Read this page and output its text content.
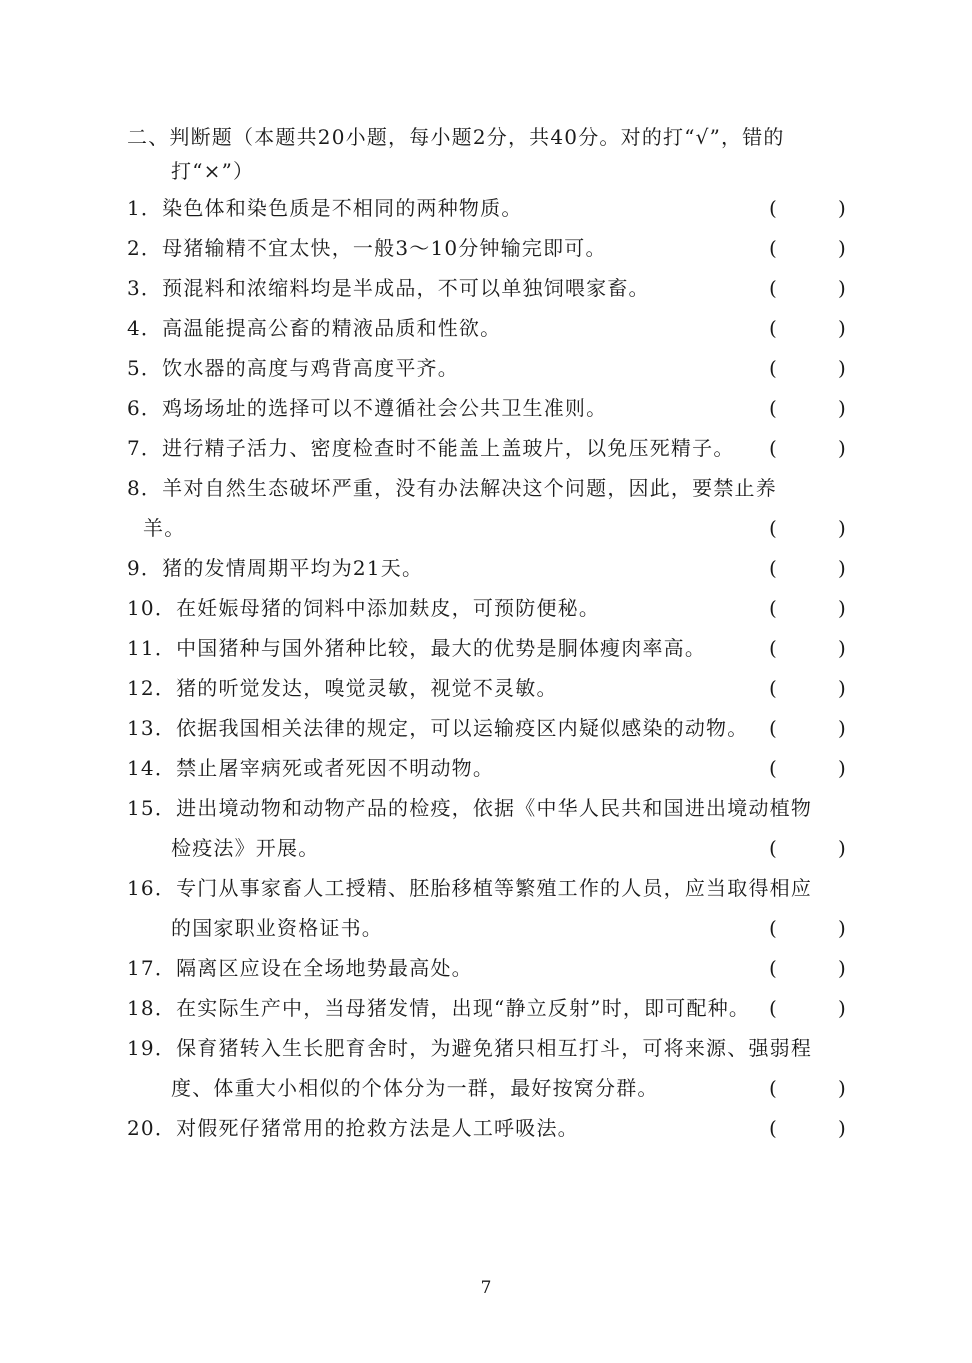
二、判断题（本题共20小题，每小题2分，共40分。对的打“√”，错的
打“×”）
1．染色体和染色质是不相同的两种物质。	(	)
2．母猪输精不宜太快，一般3～10分钟输完即可。	(	)
3．预混料和浓缩料均是半成品，不可以单独饲喂家畜。	(	)
4．高温能提高公畜的精液品质和性欲。	(	)
5．饮水器的高度与鸡背高度平齐。	(	)
6．鸡场场址的选择可以不遵循社会公共卫生准则。	(	)
7．进行精子活力、密度检查时不能盖上盖玻片，以免压死精子。 (	)
8．羊对自然生态破坏严重，没有办法解决这个问题，因此，要禁止养
羊。	(	)
9．猪的发情周期平均为21天。	(	)
10．在妊娠母猪的饲料中添加麸皮，可预防便秘。	(	)
11．中国猪种与国外猪种比较，最大的优势是胴体瘦肉率高。	(	)
12．猪的听觉发达，嗅觉灵敏，视觉不灵敏。	(	)
13．依据我国相关法律的规定，可以运输疫区内疑似感染的动物。 (	)
14．禁止屠宰病死或者死因不明动物。	(	)
15．进出境动物和动物产品的检疫，依据《中华人民共和国进出境动植物
检疫法》开展。	(	)
16．专门从事家畜人工授精、胚胎移植等繁殖工作的人员，应当取得相应
的国家职业资格证书。	(	)
17．隔离区应设在全场地势最高处。	(	)
18．在实际生产中，当母猪发情，出现“静立反射”时，即可配种。 (	)
19．保育猪转入生长肥育舍时，为避免猪只相互打斗，可将来源、强弱程
度、体重大小相似的个体分为一群，最好按窝分群。	(	)
20．对假死仔猪常用的抢救方法是人工呼吸法。	(	)
7
